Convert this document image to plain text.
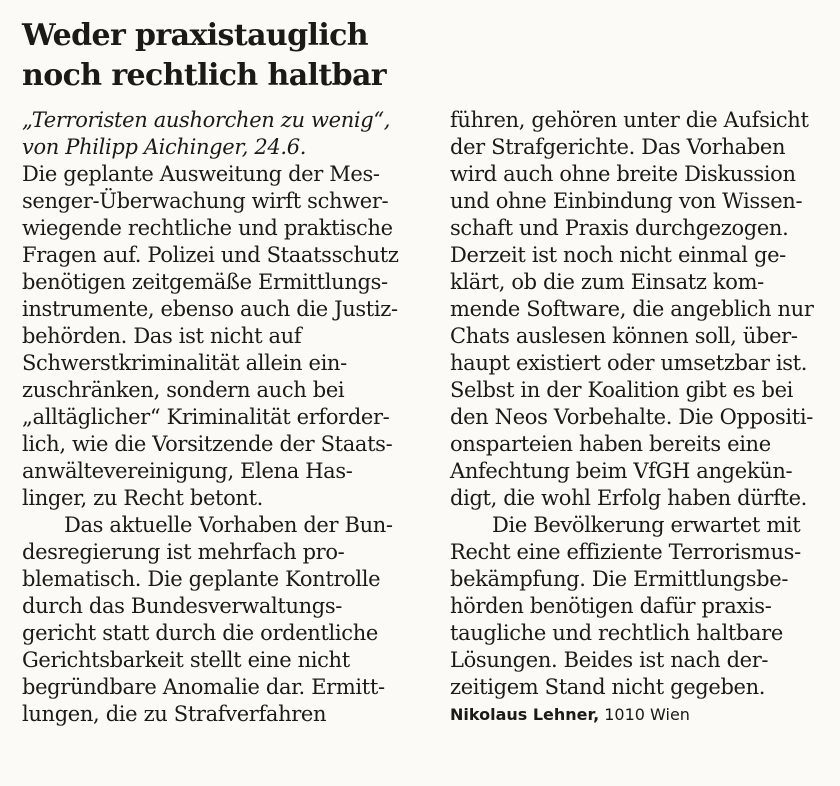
Weder praxistauglich
noch rechtlich haltbar
„Terroristen aushorchen zu wenig“,
von Philipp Aichinger, 24.6.
Die geplante Ausweitung der Mes-
senger-Überwachung wirft schwer-
wiegende rechtliche und praktische
Fragen auf. Polizei und Staatsschutz
benötigen zeitgemäße Ermittlungs-
instrumente, ebenso auch die Justiz-
behörden. Das ist nicht auf
Schwerstkriminalität allein ein-
zuschränken, sondern auch bei
„alltäglicher“ Kriminalität erforder-
lich, wie die Vorsitzende der Staats-
anwältevereinigung, Elena Has-
linger, zu Recht betont.
Das aktuelle Vorhaben der Bun-
desregierung ist mehrfach pro-
blematisch. Die geplante Kontrolle
durch das Bundesverwaltungs-
gericht statt durch die ordentliche
Gerichtsbarkeit stellt eine nicht
begründbare Anomalie dar. Ermitt-
lungen, die zu Strafverfahren
führen, gehören unter die Aufsicht
der Strafgerichte. Das Vorhaben
wird auch ohne breite Diskussion
und ohne Einbindung von Wissen-
schaft und Praxis durchgezogen.
Derzeit ist noch nicht einmal ge-
klärt, ob die zum Einsatz kom-
mende Software, die angeblich nur
Chats auslesen können soll, über-
haupt existiert oder umsetzbar ist.
Selbst in der Koalition gibt es bei
den Neos Vorbehalte. Die Oppositi-
onsparteien haben bereits eine
Anfechtung beim VfGH angekün-
digt, die wohl Erfolg haben dürfte.
Die Bevölkerung erwartet mit
Recht eine effiziente Terrorismus-
bekämpfung. Die Ermittlungsbe-
hörden benötigen dafür praxis-
taugliche und rechtlich haltbare
Lösungen. Beides ist nach der-
zeitigem Stand nicht gegeben.
Nikolaus Lehner, 1010 Wien
